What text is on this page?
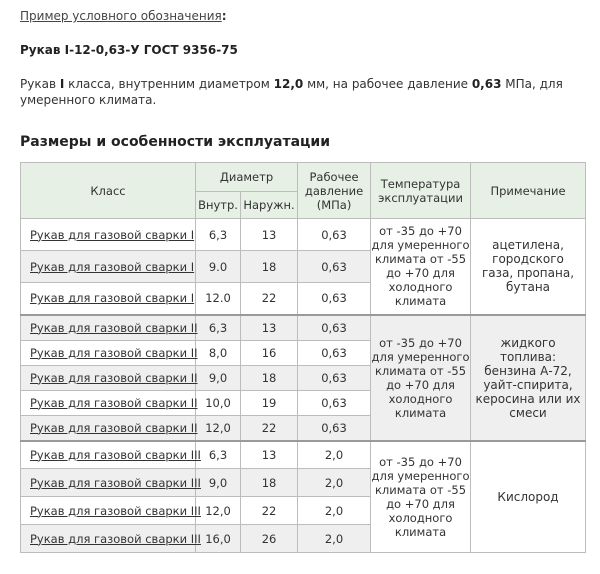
Пример условного обозначения:
Рукав I-12-0,63-У ГОСТ 9356-75
Рукав I класса, внутренним диаметром 12,0 мм, на рабочее давление 0,63 МПа, для умеренного климата.
Размеры и особенности эксплуатации
Класс	Диаметр		Рабочее давление (МПа)	Температура эксплуатации	Примечание
	Внутр.	Наружн.			
Рукав для газовой сварки I	6,3	13	0,63	от -35 до +70 для умеренного климата от -55 до +70 для холодного климата	ацетилена, городского газа, пропана, бутана
Рукав для газовой сварки I	9.0	18	0,63		
Рукав для газовой сварки I	12.0	22	0,63		
Рукав для газовой сварки II	6,3	13	0,63	от -35 до +70 для умеренного климата от -55 до +70 для холодного климата	жидкого топлива: бензина А-72, уайт-спирита, керосина или их смеси
Рукав для газовой сварки II	8,0	16	0,63		
Рукав для газовой сварки II	9,0	18	0,63		
Рукав для газовой сварки II	10,0	19	0,63		
Рукав для газовой сварки II	12,0	22	0,63		
Рукав для газовой сварки III	6,3	13	2,0	от -35 до +70 для умеренного климата от -55 до +70 для холодного климата	Кислород
Рукав для газовой сварки III	9,0	18	2,0		
Рукав для газовой сварки III	12,0	22	2,0		
Рукав для газовой сварки III	16,0	26	2,0		
